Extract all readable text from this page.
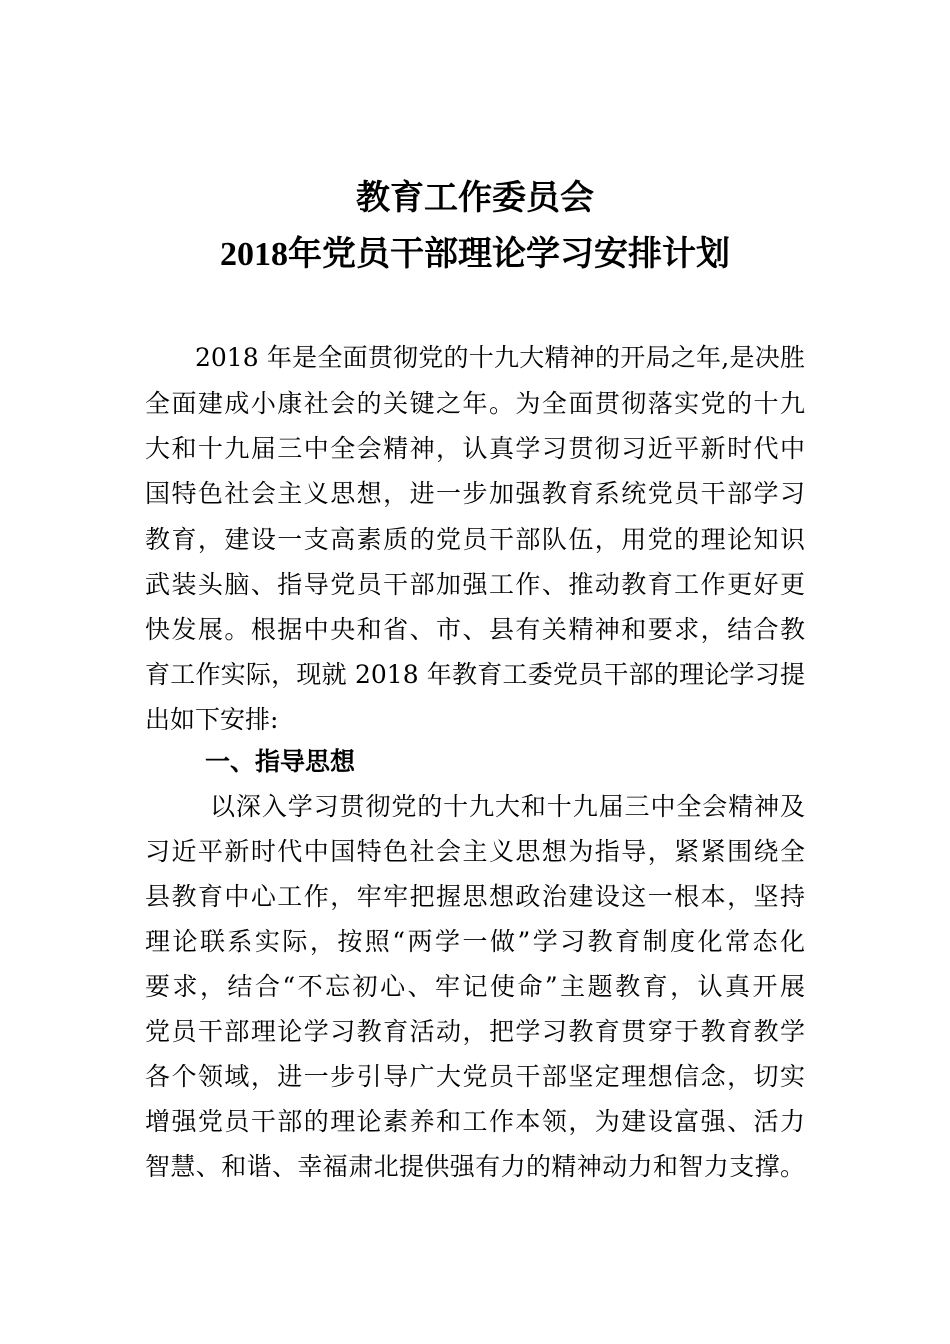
教育工作委员会
2018年党员干部理论学习安排计划
2018 年是全面贯彻党的十九大精神的开局之年,是决胜
全面建成小康社会的关键之年。为全面贯彻落实党的十九
大和十九届三中全会精神，认真学习贯彻习近平新时代中
国特色社会主义思想，进一步加强教育系统党员干部学习
教育，建设一支高素质的党员干部队伍，用党的理论知识
武装头脑、指导党员干部加强工作、推动教育工作更好更
快发展。根据中央和省、市、县有关精神和要求，结合教
育工作实际，现就 2018 年教育工委党员干部的理论学习提
出如下安排:
一、指导思想
以深入学习贯彻党的十九大和十九届三中全会精神及
习近平新时代中国特色社会主义思想为指导，紧紧围绕全
县教育中心工作，牢牢把握思想政治建设这一根本，坚持
理论联系实际，按照“两学一做”学习教育制度化常态化
要求，结合“不忘初心、牢记使命”主题教育，认真开展
党员干部理论学习教育活动，把学习教育贯穿于教育教学
各个领域，进一步引导广大党员干部坚定理想信念，切实
增强党员干部的理论素养和工作本领，为建设富强、活力
智慧、和谐、幸福肃北提供强有力的精神动力和智力支撑。
